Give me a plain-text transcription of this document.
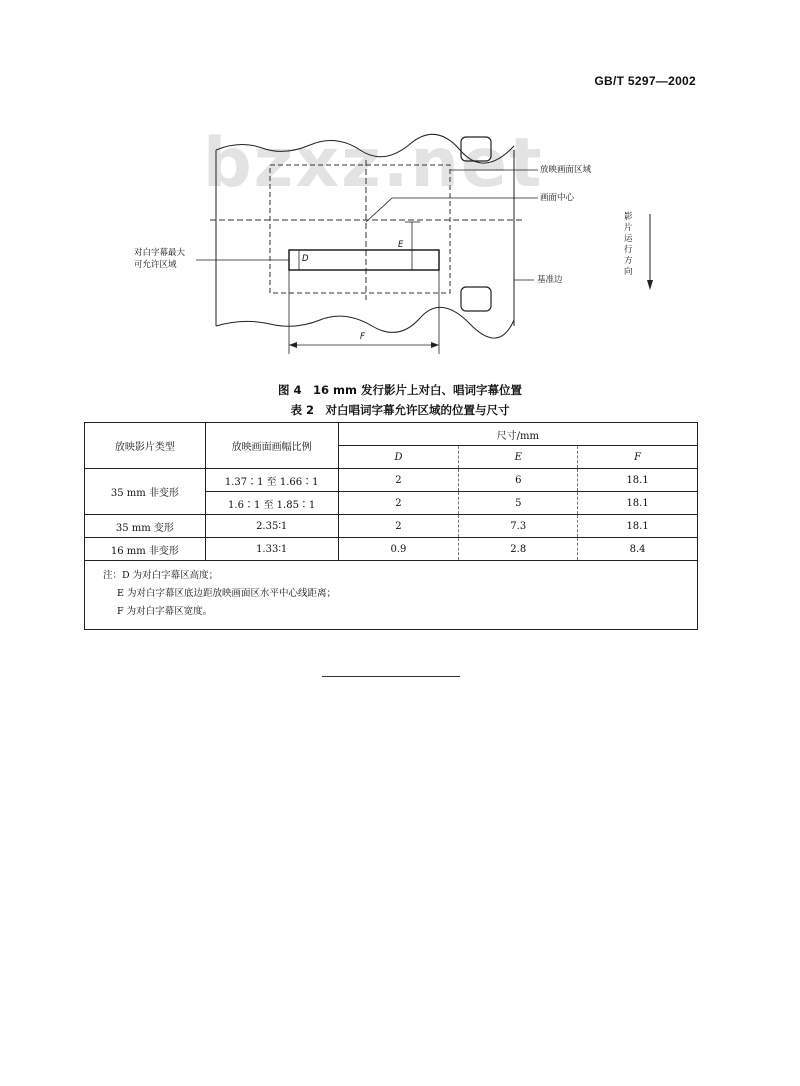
GB/T 5297—2002
bzxz.net
放映画面区域
画面中心
对白字幕最大
可允许区域
基准边
影片运行方向
D
E
F
图 4　16 mm 发行影片上对白、唱词字幕位置
表 2　对白唱词字幕允许区域的位置与尺寸
放映影片类型	放映画面画幅比例	尺寸/mm		
		D	E	F
35 mm 非变形	1.37∶1 至 1.66∶1	2	6	18.1
	1.6∶1 至 1.85∶1	2	5	18.1
35 mm 变形	2.35∶1	2	7.3	18.1
16 mm 非变形	1.33∶1	0.9	2.8	8.4

注：D 为对白字幕区高度；
E 为对白字幕区底边距放映画面区水平中心线距离；
F 为对白字幕区宽度。				
